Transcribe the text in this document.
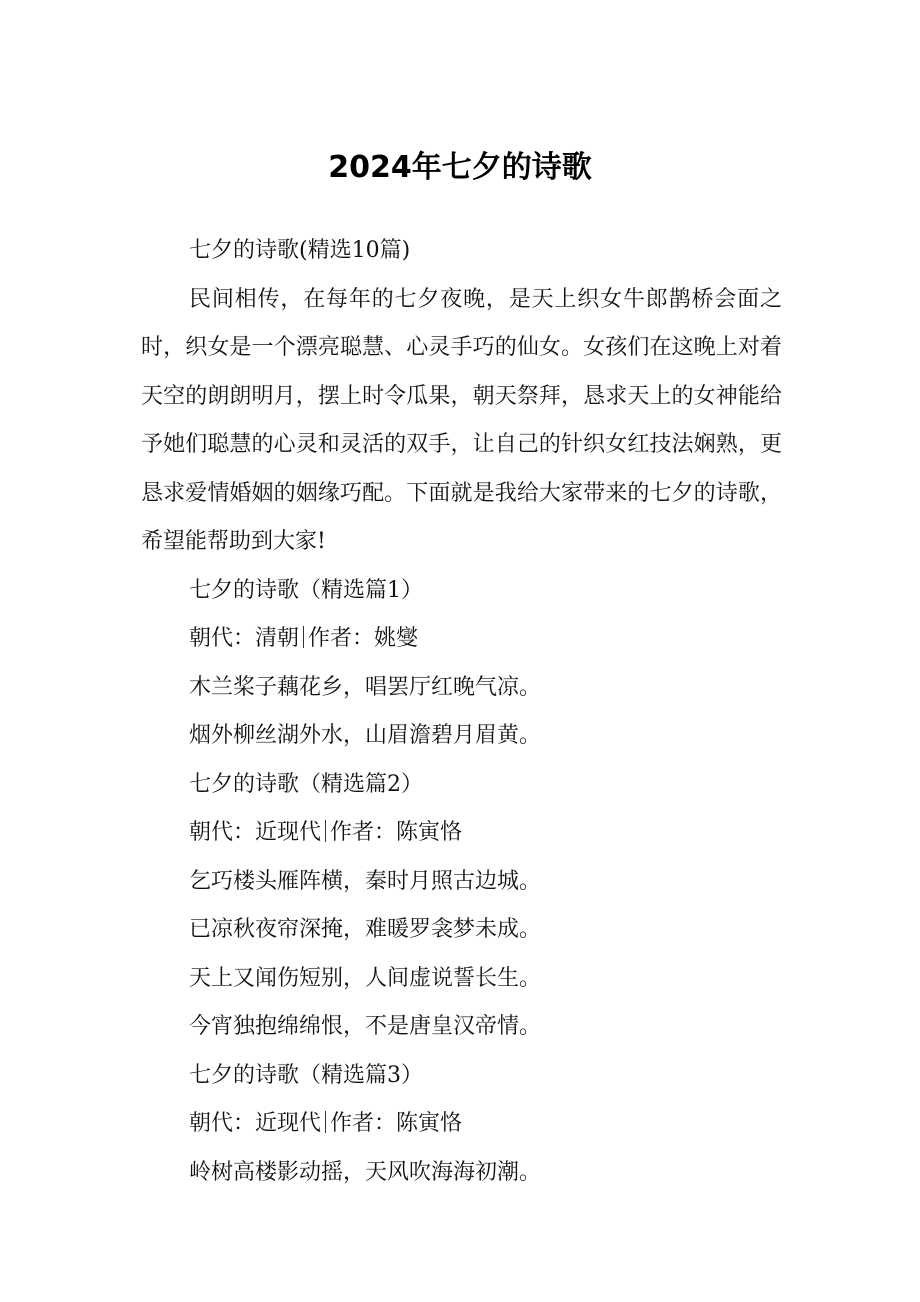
2024年七夕的诗歌

七夕的诗歌(精选10篇)

民间相传，在每年的七夕夜晚，是天上织女牛郎鹊桥会面之时，织女是一个漂亮聪慧、心灵手巧的仙女。女孩们在这晚上对着天空的朗朗明月，摆上时令瓜果，朝天祭拜，恳求天上的女神能给予她们聪慧的心灵和灵活的双手，让自己的针织女红技法娴熟，更恳求爱情婚姻的姻缘巧配。下面就是我给大家带来的七夕的诗歌，希望能帮助到大家!

七夕的诗歌（精选篇1）

朝代：清朝 作者：姚燮

木兰桨子藕花乡，唱罢厅红晚气凉。

烟外柳丝湖外水，山眉澹碧月眉黄。

七夕的诗歌（精选篇2）

朝代：近现代 作者：陈寅恪

乞巧楼头雁阵横，秦时月照古边城。

已凉秋夜帘深掩，难暖罗衾梦未成。

天上又闻伤短别，人间虚说誓长生。

今宵独抱绵绵恨，不是唐皇汉帝情。

七夕的诗歌（精选篇3）

朝代：近现代 作者：陈寅恪

岭树高楼影动摇，天风吹海海初潮。
